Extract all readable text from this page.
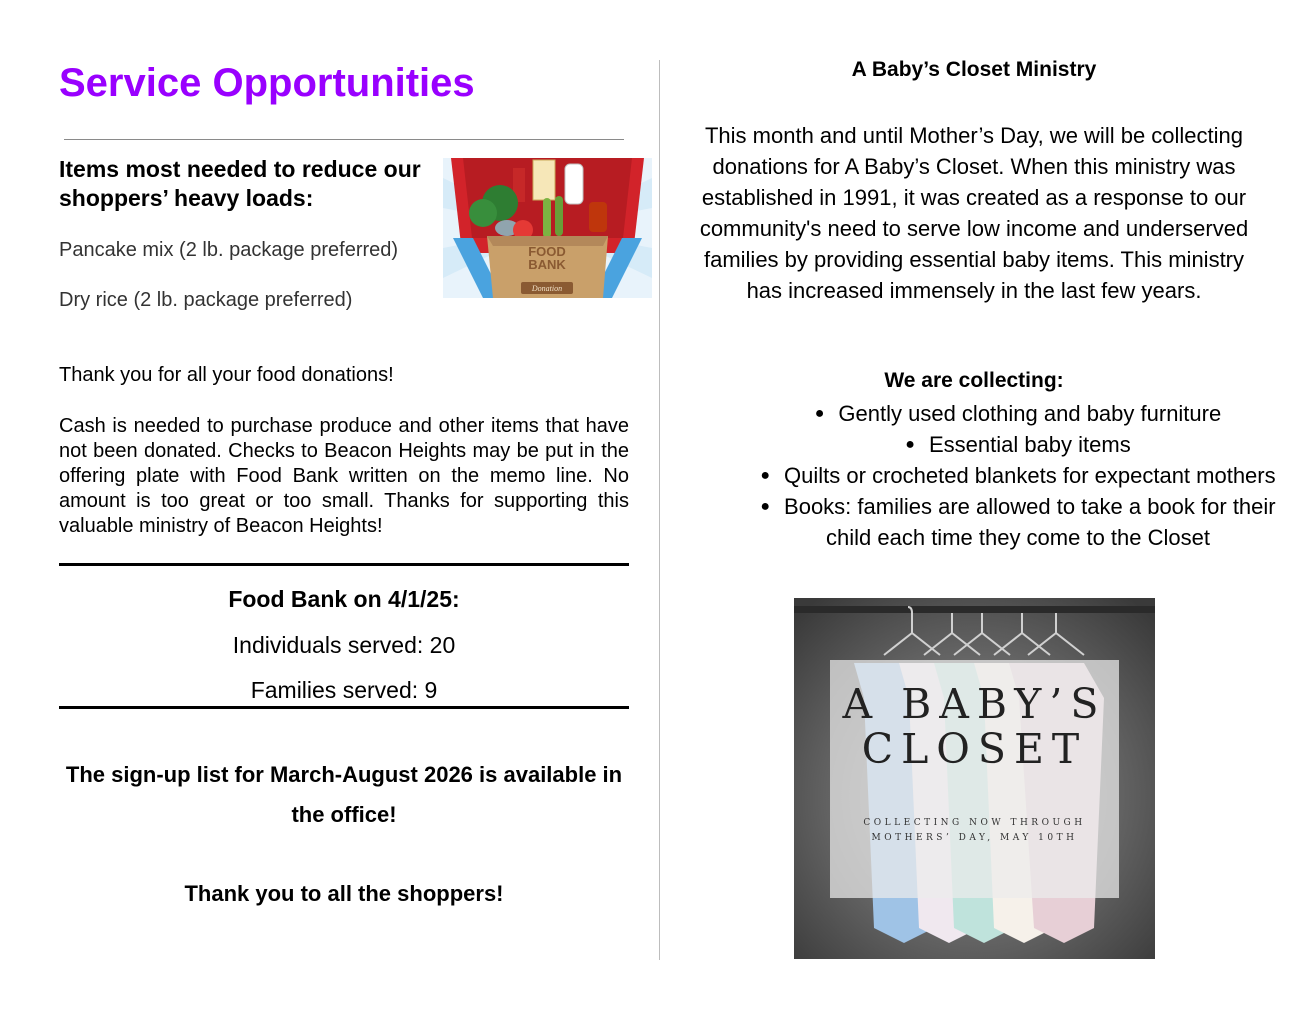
Service Opportunities
Items most needed to reduce our shoppers’ heavy loads:
Pancake mix (2 lb. package preferred)
Dry rice (2 lb. package preferred)
FOOD
BANK
Donation
Thank you for all your food donations!

Cash is needed to purchase produce and other items that have not been donated. Checks to Beacon Heights may be put in the offering plate with Food Bank written on the memo line. No amount is too great or too small. Thanks for supporting this valuable ministry of Beacon Heights!

Food Bank on 4/1/25:
Individuals served: 20
Families served: 9
The sign-up list for March-August 2026 is available in the office!
Thank you to all the shoppers!
A Baby’s Closet Ministry

This month and until Mother’s Day, we will be collecting donations for A Baby’s Closet. When this ministry was established in 1991, it was created as a response to our community's need to serve low income and underserved families by providing essential baby items. This ministry has increased immensely in the last few years.

We are collecting:
● Gently used clothing and baby furniture
● Essential baby items
● Quilts or crocheted blankets for expectant mothers
● Books: families are allowed to take a book for their child each time they come to the Closet
A BABY’S
CLOSET
COLLECTING NOW THROUGH MOTHERS’ DAY, MAY 10TH
